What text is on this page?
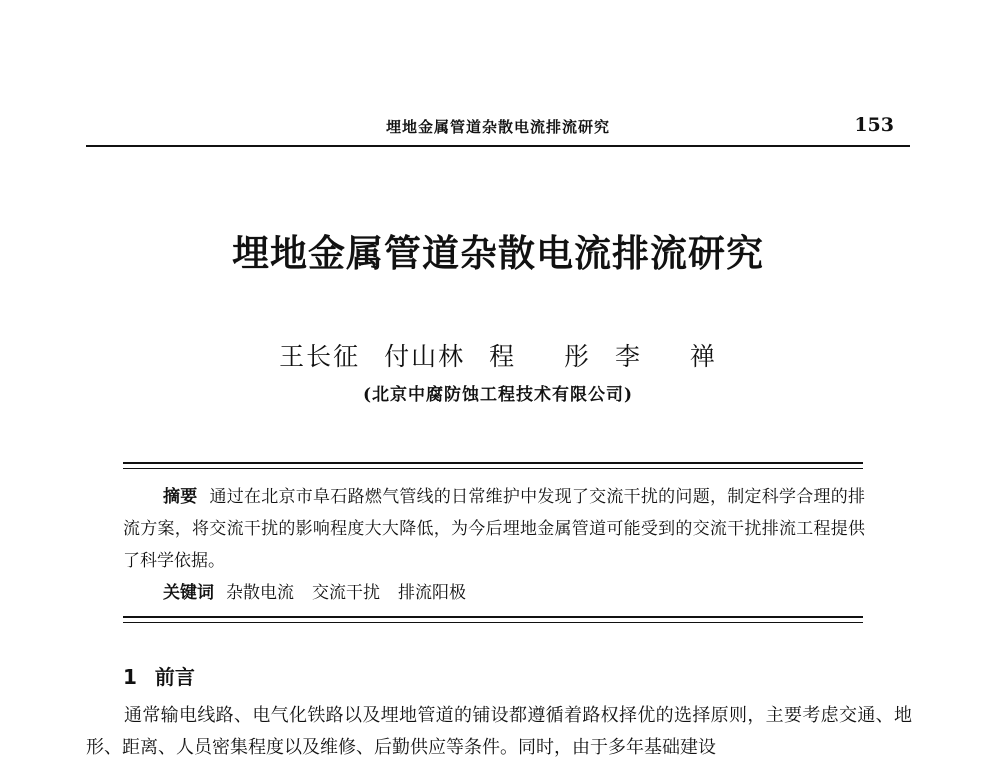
埋地金属管道杂散电流排流研究	153
埋地金属管道杂散电流排流研究
王长征 付山林 程  彤 李  禅
(北京中腐防蚀工程技术有限公司)

摘要 通过在北京市阜石路燃气管线的日常维护中发现了交流干扰的问题，制定科学合理的排流方案，将交流干扰的影响程度大大降低，为今后埋地金属管道可能受到的交流干扰排流工程提供了科学依据。

关键词 杂散电流 交流干扰 排流阳极

1 前言

通常输电线路、电气化铁路以及埋地管道的铺设都遵循着路权择优的选择原则，主要考虑交通、地形、距离、人员密集程度以及维修、后勤供应等条件。同时，由于多年基础建设
